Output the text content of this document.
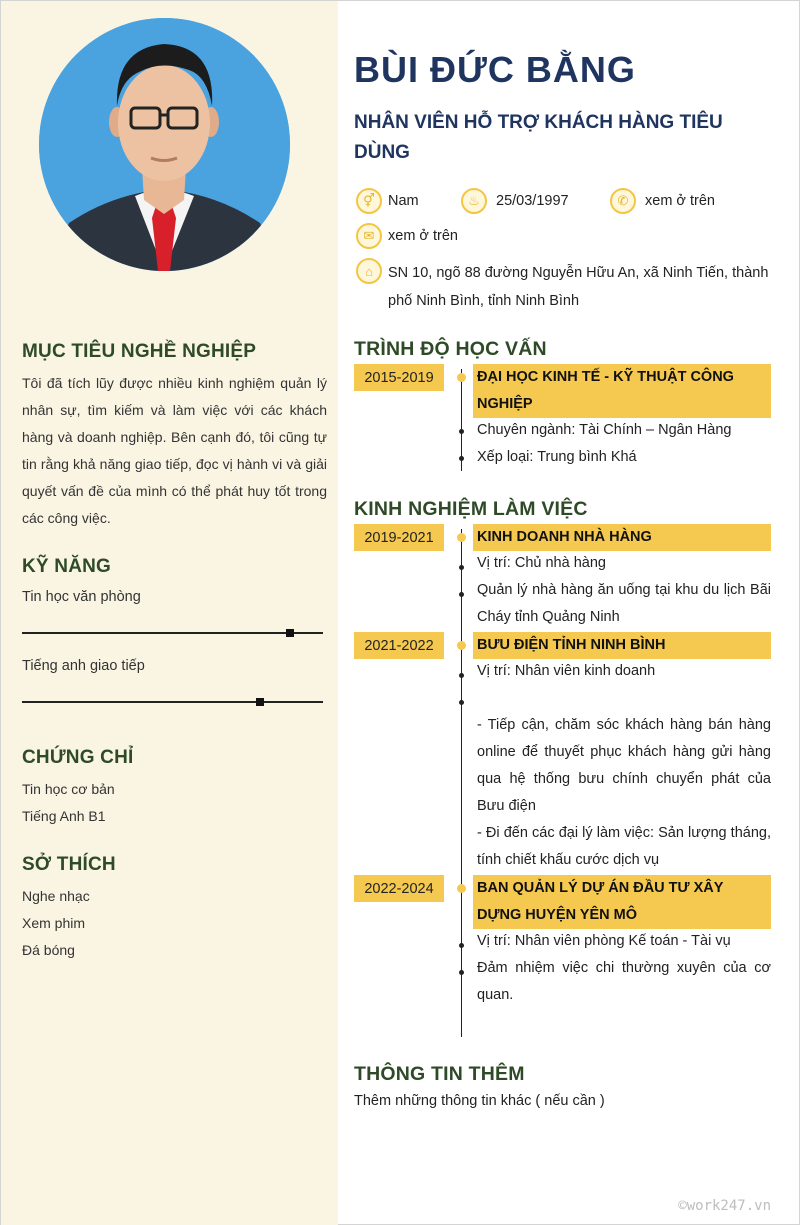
MỤC TIÊU NGHỀ NGHIỆP
Tôi đã tích lũy được nhiều kinh nghiệm quản lý nhân sự, tìm kiếm và làm việc với các khách hàng và doanh nghiệp. Bên cạnh đó, tôi cũng tự tin rằng khả năng giao tiếp, đọc vị hành vi và giải quyết vấn đề của mình có thể phát huy tốt trong các công việc.
KỸ NĂNG
Tin học văn phòng
Tiếng anh giao tiếp
CHỨNG CHỈ
Tin học cơ bản
Tiếng Anh B1
SỞ THÍCH
Nghe nhạc
Xem phim
Đá bóng
BÙI ĐỨC BẰNG
NHÂN VIÊN HỖ TRỢ KHÁCH HÀNG TIÊU DÙNG
⚥ Nam	♨	25/03/1997	✆	xem ở trên
✉ xem ở trên
⌂	SN 10, ngõ 88 đường Nguyễn Hữu An, xã Ninh Tiến, thành phố Ninh Bình, tỉnh Ninh Bình
TRÌNH ĐỘ HỌC VẤN
2015-2019	ĐẠI HỌC KINH TẾ - KỸ THUẬT CÔNG NGHIỆP
Chuyên ngành: Tài Chính – Ngân Hàng
Xếp loại: Trung bình Khá
KINH NGHIỆM LÀM VIỆC
2019-2021	KINH DOANH NHÀ HÀNG
Vị trí: Chủ nhà hàng
Quản lý nhà hàng ăn uống tại khu du lịch Bãi Cháy tỉnh Quảng Ninh
2021-2022	BƯU ĐIỆN TỈNH NINH BÌNH
Vị trí: Nhân viên kinh doanh
- Tiếp cận, chăm sóc khách hàng bán hàng online để thuyết phục khách hàng gửi hàng qua hệ thống bưu chính chuyển phát của Bưu điện
- Đi đến các đại lý làm việc: Sản lượng tháng, tính chiết khấu cước dịch vụ
2022-2024	BAN QUẢN LÝ DỰ ÁN ĐẦU TƯ XÂY DỰNG HUYỆN YÊN MÔ
Vị trí: Nhân viên phòng Kế toán - Tài vụ
Đảm nhiệm việc chi thường xuyên của cơ quan.
THÔNG TIN THÊM
Thêm những thông tin khác ( nếu cần )
©work247.vn
